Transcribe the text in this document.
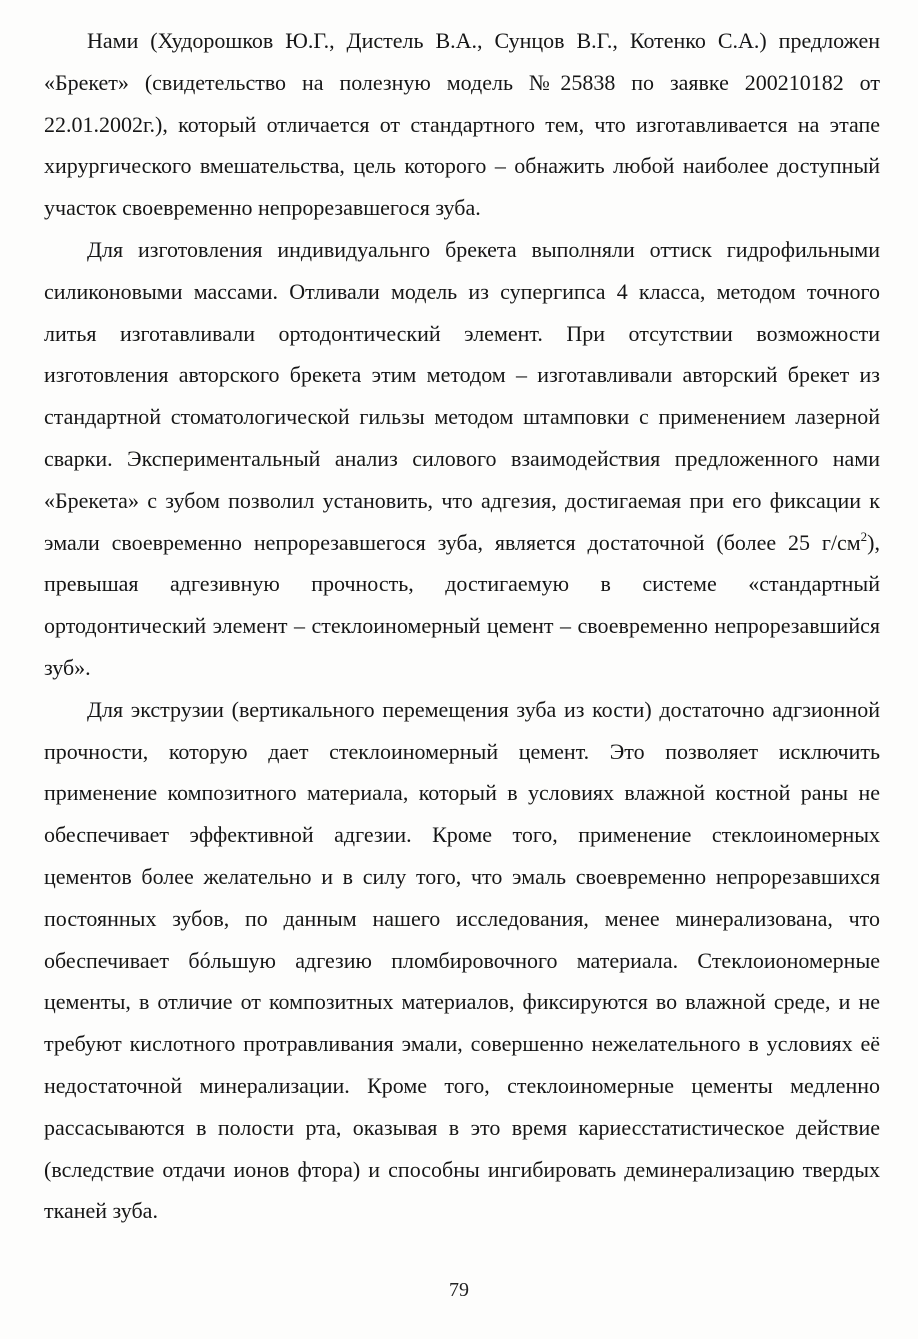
Нами (Худорошков Ю.Г., Дистель В.А., Сунцов В.Г., Котенко С.А.) предложен «Брекет» (свидетельство на полезную модель №25838 по заявке 200210182 от 22.01.2002г.), который отличается от стандартного тем, что изготавливается на этапе хирургического вмешательства, цель которого – обнажить любой наиболее доступный участок своевременно непрорезавшегося зуба.

Для изготовления индивидуальнго брекета выполняли оттиск гидрофильными силиконовыми массами. Отливали модель из супергипса 4 класса, методом точного литья изготавливали ортодонтический элемент. При отсутствии возможности изготовления авторского брекета этим методом – изготавливали авторский брекет из стандартной стоматологической гильзы методом штамповки с применением лазерной сварки. Экспериментальный анализ силового взаимодействия предложенного нами «Брекета» с зубом позволил установить, что адгезия, достигаемая при его фиксации к эмали своевременно непрорезавшегося зуба, является достаточной (более 25 $г/см^2$), превышая адгезивную прочность, достигаемую в системе «стандартный ортодонтический элемент – стеклоиномерный цемент – своевременно непрорезавшийся зуб».

Для экструзии (вертикального перемещения зуба из кости) достаточно адгзионной прочности, которую дает стеклоиномерный цемент. Это позволяет исключить применение композитного материала, который в условиях влажной костной раны не обеспечивает эффективной адгезии. Кроме того, применение стеклоиномерных цементов более желательно и в силу того, что эмаль своевременно непрорезавшихся постоянных зубов, по данным нашего исследования, менее минерализована, что обеспечивает бóльшую адгезию пломбировочного материала. Стеклоиономерные цементы, в отличие от композитных материалов, фиксируются во влажной среде, и не требуют кислотного протравливания эмали, совершенно нежелательного в условиях её недостаточной минерализации. Кроме того, стеклоиномерные цементы медленно рассасываются в полости рта, оказывая в это время кариесстатистическое действие (вследствие отдачи ионов фтора) и способны ингибировать деминерализацию твердых тканей зуба.

79
